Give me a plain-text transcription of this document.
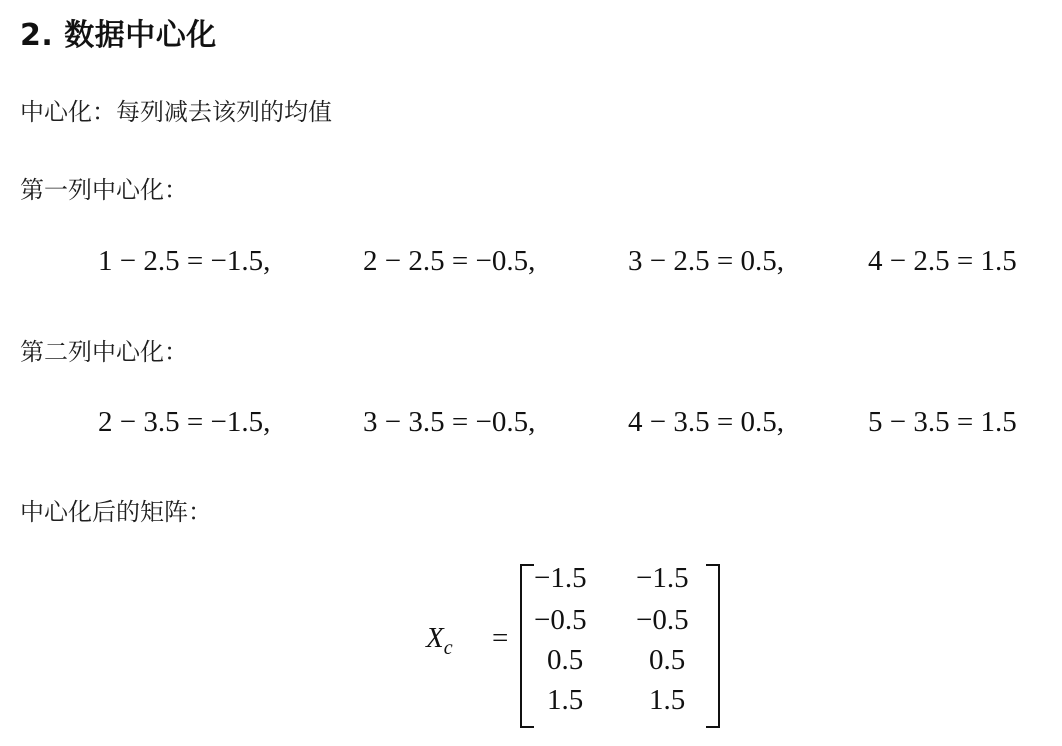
2. 数据中心化

中心化：每列减去该列的均值

第一列中心化：

1 − 2.5 = −1.5,	2 − 2.5 = −0.5,	3 − 2.5 = 0.5,	4 − 2.5 = 1.5

第二列中心化：

2 − 3.5 = −1.5,	3 − 3.5 = −0.5,	4 − 3.5 = 0.5,	5 − 3.5 = 1.5

中心化后的矩阵：

$X_c$ =
−1.5 −1.5
−0.5 −0.5
0.5 0.5
1.5 1.5
